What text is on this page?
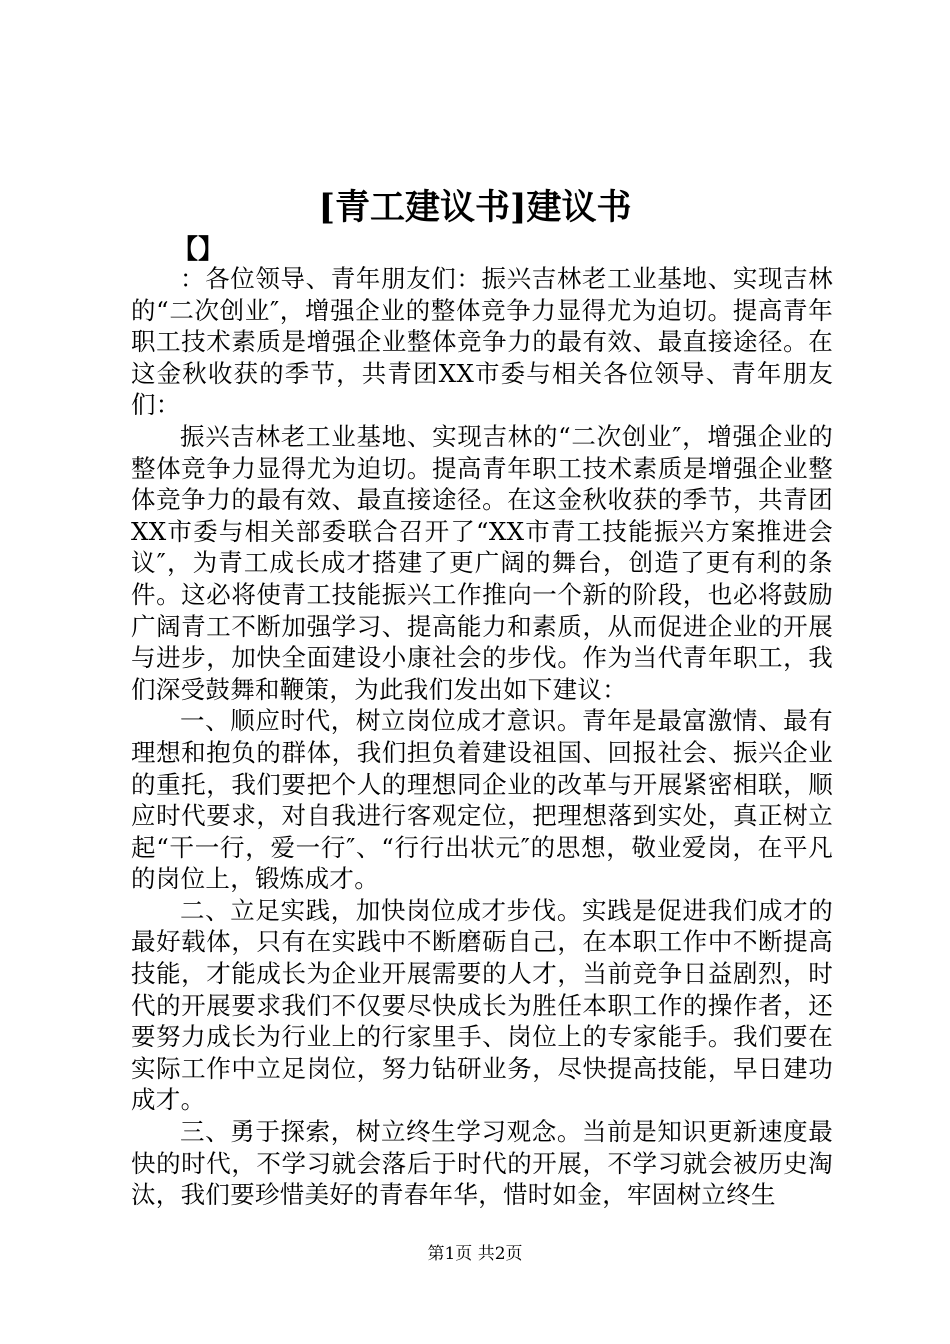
[青工建议书]建议书
【】

：各位领导、青年朋友们：振兴吉林老工业基地、实现吉林的“二次创业″，增强企业的整体竞争力显得尤为迫切。提高青年职工技术素质是增强企业整体竞争力的最有效、最直接途径。在这金秋收获的季节，共青团XX市委与相关各位领导、青年朋友们：

振兴吉林老工业基地、实现吉林的“二次创业″，增强企业的整体竞争力显得尤为迫切。提高青年职工技术素质是增强企业整体竞争力的最有效、最直接途径。在这金秋收获的季节，共青团XX市委与相关部委联合召开了“XX市青工技能振兴方案推进会议″，为青工成长成才搭建了更广阔的舞台，创造了更有利的条件。这必将使青工技能振兴工作推向一个新的阶段，也必将鼓励广阔青工不断加强学习、提高能力和素质，从而促进企业的开展与进步，加快全面建设小康社会的步伐。作为当代青年职工，我们深受鼓舞和鞭策，为此我们发出如下建议：

一、顺应时代，树立岗位成才意识。青年是最富激情、最有理想和抱负的群体，我们担负着建设祖国、回报社会、振兴企业的重托，我们要把个人的理想同企业的改革与开展紧密相联，顺应时代要求，对自我进行客观定位，把理想落到实处，真正树立起“干一行，爱一行″、“行行出状元″的思想，敬业爱岗，在平凡的岗位上，锻炼成才。

二、立足实践，加快岗位成才步伐。实践是促进我们成才的最好载体，只有在实践中不断磨砺自己，在本职工作中不断提高技能，才能成长为企业开展需要的人才，当前竞争日益剧烈，时代的开展要求我们不仅要尽快成长为胜任本职工作的操作者，还要努力成长为行业上的行家里手、岗位上的专家能手。我们要在实际工作中立足岗位，努力钻研业务，尽快提高技能，早日建功成才。

三、勇于探索，树立终生学习观念。当前是知识更新速度最快的时代，不学习就会落后于时代的开展，不学习就会被历史淘汰，我们要珍惜美好的青春年华，惜时如金，牢固树立终生

第1页 共2页
